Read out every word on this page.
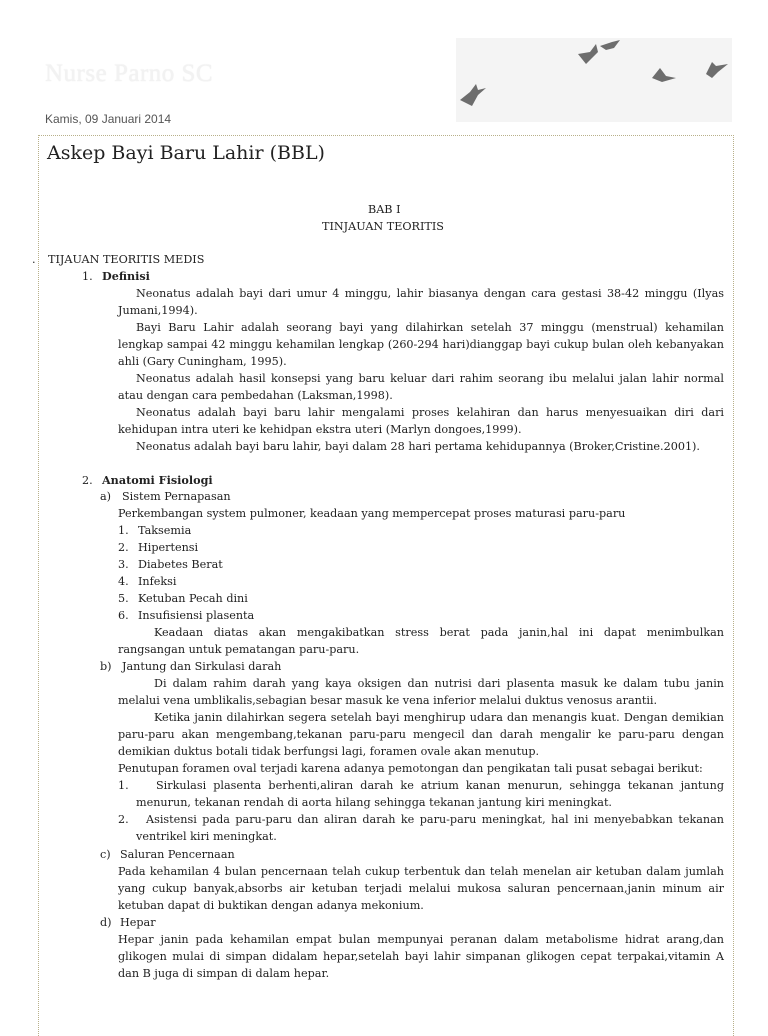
Nurse Parno SC
Kamis, 09 Januari 2014
Askep Bayi Baru Lahir (BBL)
BAB I
TINJAUAN TEORITIS
. TIJAUAN TEORITIS MEDIS
1. Definisi
Neonatus adalah bayi dari umur 4 minggu, lahir biasanya dengan cara gestasi 38-42 minggu (Ilyas
Jumani,1994).
Bayi Baru Lahir adalah seorang bayi yang dilahirkan setelah 37 minggu (menstrual) kehamilan
lengkap sampai 42 minggu kehamilan lengkap (260-294 hari)dianggap bayi cukup bulan oleh kebanyakan
ahli (Gary Cuningham, 1995).
Neonatus adalah hasil konsepsi yang baru keluar dari rahim seorang ibu melalui jalan lahir normal
atau dengan cara pembedahan (Laksman,1998).
Neonatus adalah bayi baru lahir mengalami proses kelahiran dan harus menyesuaikan diri dari
kehidupan intra uteri ke kehidpan ekstra uteri (Marlyn dongoes,1999).
Neonatus adalah bayi baru lahir, bayi dalam 28 hari pertama kehidupannya (Broker,Cristine.2001).
2. Anatomi Fisiologi
a) Sistem Pernapasan
Perkembangan system pulmoner, keadaan yang mempercepat proses maturasi paru-paru
1. Taksemia
2. Hipertensi
3. Diabetes Berat
4. Infeksi
5. Ketuban Pecah dini
6. Insufisiensi plasenta
Keadaan diatas akan mengakibatkan stress berat pada janin,hal ini dapat menimbulkan
rangsangan untuk pematangan paru-paru.
b) Jantung dan Sirkulasi darah
Di dalam rahim darah yang kaya oksigen dan nutrisi dari plasenta masuk ke dalam tubu janin
melalui vena umblikalis,sebagian besar masuk ke vena inferior melalui duktus venosus arantii.
Ketika janin dilahirkan segera setelah bayi menghirup udara dan menangis kuat. Dengan demikian
paru-paru akan mengembang,tekanan paru-paru mengecil dan darah mengalir ke paru-paru dengan
demikian duktus botali tidak berfungsi lagi, foramen ovale akan menutup.
Penutupan foramen oval terjadi karena adanya pemotongan dan pengikatan tali pusat sebagai berikut:
1. Sirkulasi plasenta berhenti,aliran darah ke atrium kanan menurun, sehingga tekanan jantung
menurun, tekanan rendah di aorta hilang sehingga tekanan jantung kiri meningkat.
2. Asistensi pada paru-paru dan aliran darah ke paru-paru meningkat, hal ini menyebabkan tekanan
ventrikel kiri meningkat.
c) Saluran Pencernaan
Pada kehamilan 4 bulan pencernaan telah cukup terbentuk dan telah menelan air ketuban dalam jumlah
yang cukup banyak,absorbs air ketuban terjadi melalui mukosa saluran pencernaan,janin minum air
ketuban dapat di buktikan dengan adanya mekonium.
d) Hepar
Hepar janin pada kehamilan empat bulan mempunyai peranan dalam metabolisme hidrat arang,dan
glikogen mulai di simpan didalam hepar,setelah bayi lahir simpanan glikogen cepat terpakai,vitamin A
dan B juga di simpan di dalam hepar.
